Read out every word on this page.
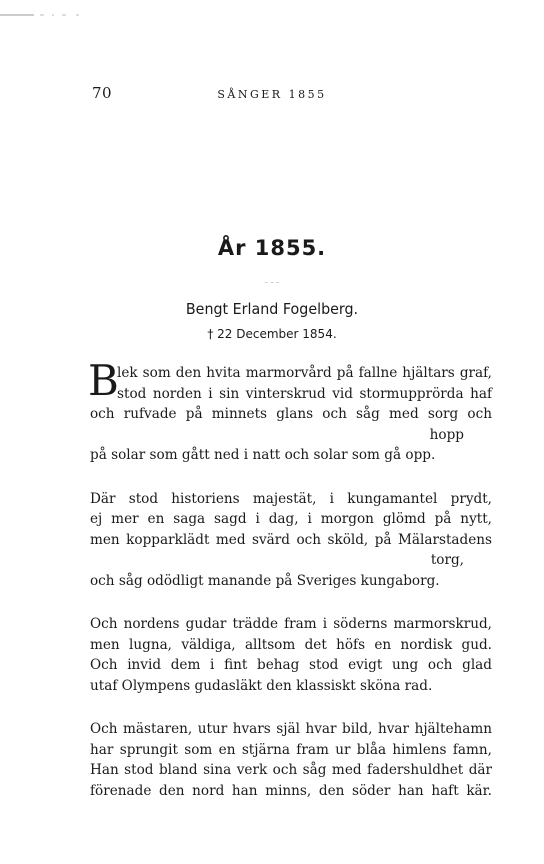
70	SÅNGER 1855
År 1855.
‒ ‒ ‒
Bengt Erland Fogelberg.
† 22 December 1854.
B
lek som den hvita marmorvård på fallne hjältars graf,
stod norden i sin vinterskrud vid stormupprörda haf
och rufvade på minnets glans och såg med sorg och
hopp
på solar som gått ned i natt och solar som gå opp.
Där stod historiens majestät, i kungamantel prydt,
ej mer en saga sagd i dag, i morgon glömd på nytt,
men kopparklädt med svärd och sköld, på Mälarstadens
torg,
och såg odödligt manande på Sveriges kungaborg.
Och nordens gudar trädde fram i söderns marmorskrud,
men lugna, väldiga, alltsom det höfs en nordisk gud.
Och invid dem i fint behag stod evigt ung och glad
utaf Olympens gudasläkt den klassiskt sköna rad.
Och mästaren, utur hvars själ hvar bild, hvar hjältehamn
har sprungit som en stjärna fram ur blåa himlens famn,
Han stod bland sina verk och såg med fadershuldhet där
förenade den nord han minns, den söder han haft kär.
